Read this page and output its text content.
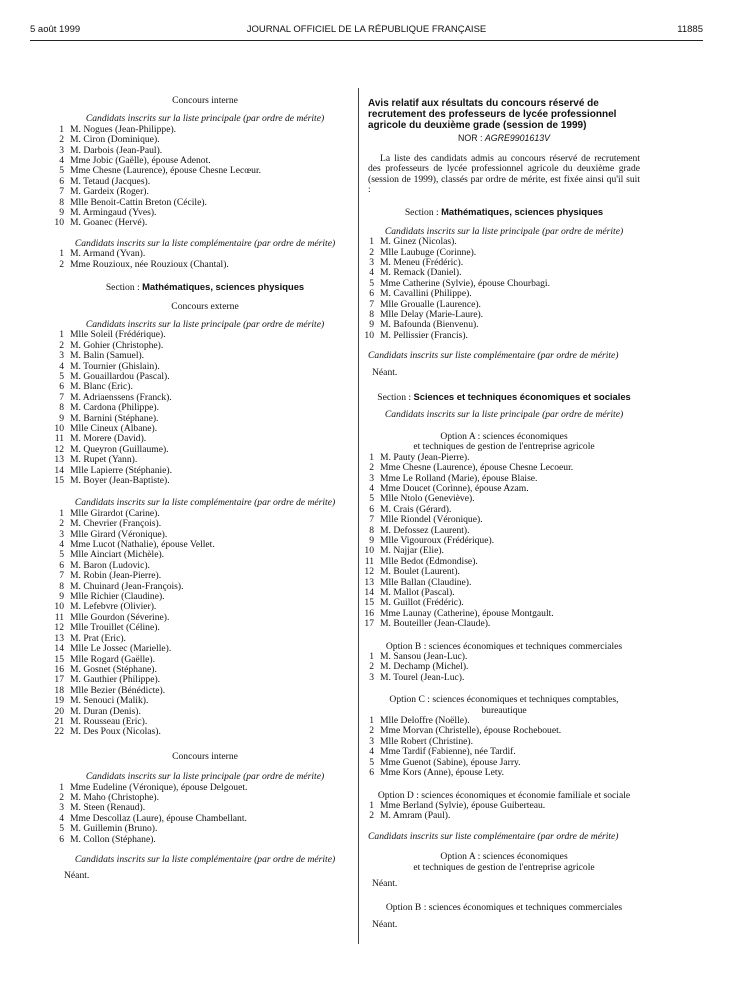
5 août 1999	JOURNAL OFFICIEL DE LA RÉPUBLIQUE FRANÇAISE	11885
Concours interne
Candidats inscrits sur la liste principale (par ordre de mérite)
1 M. Nogues (Jean-Philippe).
2 M. Ciron (Dominique).
3 M. Darbois (Jean-Paul).
4 Mme Jobic (Gaëlle), épouse Adenot.
5 Mme Chesne (Laurence), épouse Chesne Lecœur.
6 M. Tetaud (Jacques).
7 M. Gardeix (Roger).
8 Mlle Benoit-Cattin Breton (Cécile).
9 M. Armingaud (Yves).
10 M. Goanec (Hervé).
Candidats inscrits sur la liste complémentaire (par ordre de mérite)
1 M. Armand (Yvan).
2 Mme Rouzioux, née Rouzioux (Chantal).
Section : Mathématiques, sciences physiques
Concours externe
Candidats inscrits sur la liste principale (par ordre de mérite)
1 Mlle Soleil (Frédérique).
2 M. Gohier (Christophe).
3 M. Balin (Samuel).
4 M. Tournier (Ghislain).
5 M. Gouaillardou (Pascal).
6 M. Blanc (Eric).
7 M. Adriaenssens (Franck).
8 M. Cardona (Philippe).
9 M. Barnini (Stéphane).
10 Mlle Cineux (Albane).
11 M. Morere (David).
12 M. Queyron (Guillaume).
13 M. Rupet (Yann).
14 Mlle Lapierre (Stéphanie).
15 M. Boyer (Jean-Baptiste).
Candidats inscrits sur la liste complémentaire (par ordre de mérite)
1 Mlle Girardot (Carine).
2 M. Chevrier (François).
3 Mlle Girard (Véronique).
4 Mme Lucot (Nathalie), épouse Vellet.
5 Mlle Ainciart (Michèle).
6 M. Baron (Ludovic).
7 M. Robin (Jean-Pierre).
8 M. Chuinard (Jean-François).
9 Mlle Richier (Claudine).
10 M. Lefebvre (Olivier).
11 Mlle Gourdon (Séverine).
12 Mlle Trouillet (Céline).
13 M. Prat (Eric).
14 Mlle Le Jossec (Marielle).
15 Mlle Rogard (Gaëlle).
16 M. Gosnet (Stéphane).
17 M. Gauthier (Philippe).
18 Mlle Bezier (Bénédicte).
19 M. Senouci (Malik).
20 M. Duran (Denis).
21 M. Rousseau (Eric).
22 M. Des Poux (Nicolas).
Concours interne
Candidats inscrits sur la liste principale (par ordre de mérite)
1 Mme Eudeline (Véronique), épouse Delgouet.
2 M. Maho (Christophe).
3 M. Steen (Renaud).
4 Mme Descollaz (Laure), épouse Chambellant.
5 M. Guillemin (Bruno).
6 M. Collon (Stéphane).
Candidats inscrits sur la liste complémentaire (par ordre de mérite)
Néant.
Avis relatif aux résultats du concours réservé de recrutement des professeurs de lycée professionnel agricole du deuxième grade (session de 1999)
NOR : AGRE9901613V
La liste des candidats admis au concours réservé de recrutement des professeurs de lycée professionnel agricole du deuxième grade (session de 1999), classés par ordre de mérite, est fixée ainsi qu'il suit :
Section : Mathématiques, sciences physiques
Candidats inscrits sur la liste principale (par ordre de mérite)
1 M. Ginez (Nicolas).
2 Mlle Laubuge (Corinne).
3 M. Meneu (Frédéric).
4 M. Remack (Daniel).
5 Mme Catherine (Sylvie), épouse Chourbagi.
6 M. Cavallini (Philippe).
7 Mlle Groualle (Laurence).
8 Mlle Delay (Marie-Laure).
9 M. Bafounda (Bienvenu).
10 M. Pellissier (Francis).
Candidats inscrits sur liste complémentaire (par ordre de mérite)
Néant.
Section : Sciences et techniques économiques et sociales
Candidats inscrits sur la liste principale (par ordre de mérite)
Option A : sciences économiques
et techniques de gestion de l'entreprise agricole
1 M. Pauty (Jean-Pierre).
2 Mme Chesne (Laurence), épouse Chesne Lecoeur.
3 Mme Le Rolland (Marie), épouse Blaise.
4 Mme Doucet (Corinne), épouse Azam.
5 Mlle Ntolo (Geneviève).
6 M. Crais (Gérard).
7 Mlle Riondel (Véronique).
8 M. Defossez (Laurent).
9 Mlle Vigouroux (Frédérique).
10 M. Najjar (Elie).
11 Mlle Bedot (Edmondise).
12 M. Boulet (Laurent).
13 Mlle Ballan (Claudine).
14 M. Mallot (Pascal).
15 M. Guillot (Frédéric).
16 Mme Launay (Catherine), épouse Montgault.
17 M. Bouteiller (Jean-Claude).
Option B : sciences économiques et techniques commerciales
1 M. Sansou (Jean-Luc).
2 M. Dechamp (Michel).
3 M. Tourel (Jean-Luc).
Option C : sciences économiques et techniques comptables,
bureautique
1 Mlle Deloffre (Noëlle).
2 Mme Morvan (Christelle), épouse Rochebouet.
3 Mlle Robert (Christine).
4 Mme Tardif (Fabienne), née Tardif.
5 Mme Guenot (Sabine), épouse Jarry.
6 Mme Kors (Anne), épouse Lety.
Option D : sciences économiques et économie familiale et sociale
1 Mme Berland (Sylvie), épouse Guiberteau.
2 M. Amram (Paul).
Candidats inscrits sur liste complémentaire (par ordre de mérite)
Option A : sciences économiques
et techniques de gestion de l'entreprise agricole
Néant.
Option B : sciences économiques et techniques commerciales
Néant.
